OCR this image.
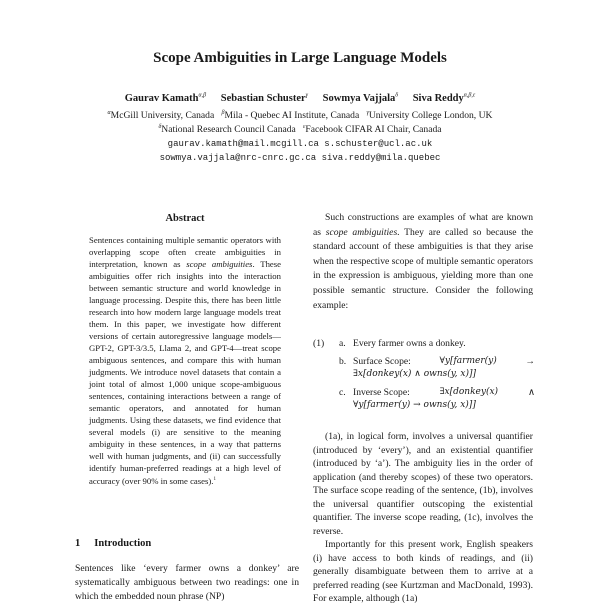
Scope Ambiguities in Large Language Models
Gaurav Kamath$^{\alpha,\beta}$ Sebastian Schuster$^\gamma$ Sowmya Vajjala$^\delta$ Siva Reddy$^{\alpha,\beta,\varepsilon}$
$^\alpha$McGill University, Canada $^\beta$Mila - Quebec AI Institute, Canada $^\gamma$University College London, UK
$^\delta$National Research Council Canada $^\varepsilon$Facebook CIFAR AI Chair, Canada
gaurav.kamath@mail.mcgill.ca s.schuster@ucl.ac.uk
sowmya.vajjala@nrc-cnrc.gc.ca siva.reddy@mila.quebec
Abstract
Sentences containing multiple semantic operators with overlapping scope often create ambiguities in interpretation, known as scope ambiguities. These ambiguities offer rich insights into the interaction between semantic structure and world knowledge in language processing. Despite this, there has been little research into how modern large language models treat them. In this paper, we investigate how different versions of certain autoregressive language models—GPT-2, GPT-3/3.5, Llama 2, and GPT-4—treat scope ambiguous sentences, and compare this with human judgments. We introduce novel datasets that contain a joint total of almost 1,000 unique scope-ambiguous sentences, containing interactions between a range of semantic operators, and annotated for human judgments. Using these datasets, we find evidence that several models (i) are sensitive to the meaning ambiguity in these sentences, in a way that patterns well with human judgments, and (ii) can successfully identify human-preferred readings at a high level of accuracy (over 90% in some cases).$^1$
1 Introduction
Sentences like ‘every farmer owns a donkey’ are systematically ambiguous between two readings: one in which the embedded noun phrase (NP)
Such constructions are examples of what are known as scope ambiguities. They are called so because the standard account of these ambiguities is that they arise when the respective scope of multiple semantic operators in the expression is ambiguous, yielding more than one possible semantic structure. Consider the following example:
(1) a. Every farmer owns a donkey.
b. Surface Scope:	∀y[farmer(y)	→
∃x[donkey(x) ∧ owns(y, x)]]
c. Inverse Scope:	∃x[donkey(x)	∧
∀y[farmer(y) → owns(y, x)]]

(1a), in logical form, involves a universal quantifier (introduced by ‘every’), and an existential quantifier (introduced by ‘a’). The ambiguity lies in the order of application (and thereby scopes) of these two operators. The surface scope reading of the sentence, (1b), involves the universal quantifier outscoping the existential quantifier. The inverse scope reading, (1c), involves the reverse.

Importantly for this present work, English speakers (i) have access to both kinds of readings, and (ii) generally disambiguate between them to arrive at a preferred reading (see Kurtzman and MacDonald, 1993). For example, although (1a)
